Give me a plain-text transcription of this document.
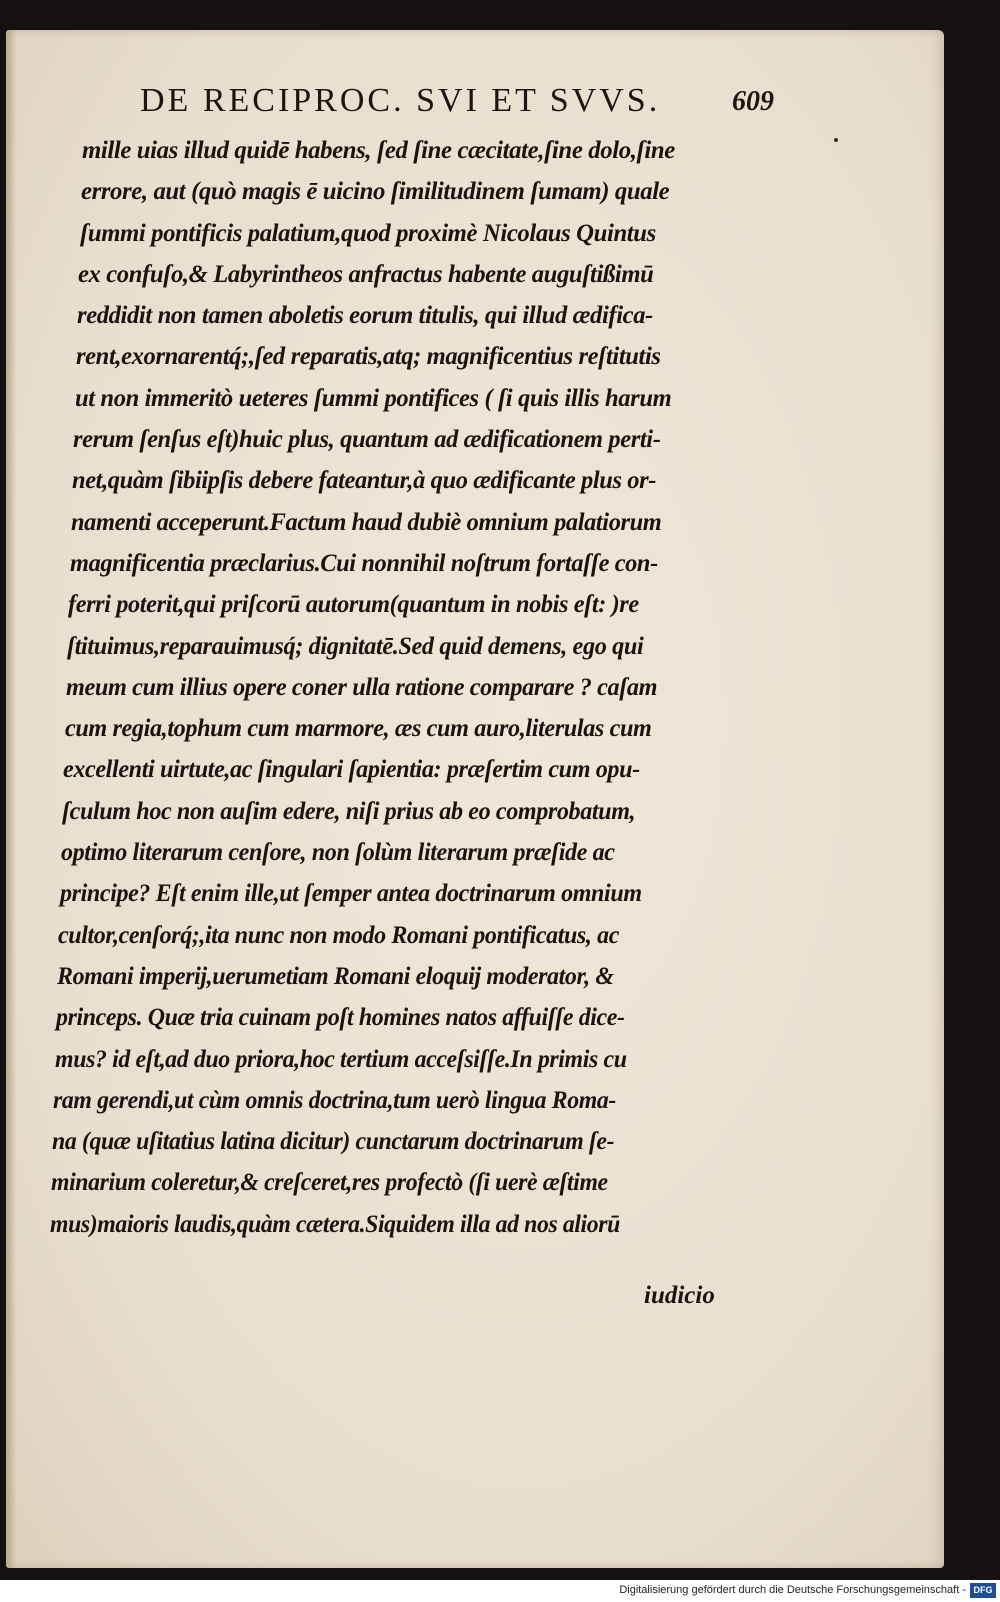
DE RECIPROC. SVI ET SVVS.	609
mille uias illud quidē habens, ſed ſine cæcitate,ſine dolo,ſine
errore, aut (quò magis ē uicino ſimilitudinem ſumam) quale
ſummi pontificis palatium,quod proximè Nicolaus Quintus
ex confuſo,& Labyrintheos anfractus habente auguſtißimū
reddidit non tamen aboletis eorum titulis, qui illud ædifica-
rent,exornarentq́;,ſed reparatis,atq; magnificentius reſtitutis
ut non immeritò ueteres ſummi pontifices ( ſi quis illis harum
rerum ſenſus eſt)huic plus, quantum ad ædificationem perti-
net,quàm ſibiipſis debere fateantur,à quo ædificante plus or-
namenti acceperunt.Factum haud dubiè omnium palatiorum
magnificentia præclarius.Cui nonnihil noſtrum fortaſſe con-
ferri poterit,qui priſcorū autorum(quantum in nobis eſt: )re
ſtituimus,reparauimusq́; dignitatē.Sed quid demens, ego qui
meum cum illius opere coner ulla ratione comparare ? caſam
cum regia,tophum cum marmore, æs cum auro,literulas cum
excellenti uirtute,ac ſingulari ſapientia: præſertim cum opu-
ſculum hoc non auſim edere, niſi prius ab eo comprobatum,
optimo literarum cenſore, non ſolùm literarum præſide ac
principe? Eſt enim ille,ut ſemper antea doctrinarum omnium
cultor,cenſorq́;,ita nunc non modo Romani pontificatus, ac
Romani imperij,uerumetiam Romani eloquij moderator, &
princeps. Quæ tria cuinam poſt homines natos affuiſſe dice-
mus? id eſt,ad duo priora,hoc tertium acceſsiſſe.In primis cu
ram gerendi,ut cùm omnis doctrina,tum uerò lingua Roma-
na (quæ uſitatius latina dicitur) cunctarum doctrinarum ſe-
minarium coleretur,& creſceret,res profectò (ſi uerè æſtime
mus)maioris laudis,quàm cætera.Siquidem illa ad nos aliorū
iudicio
Digitalisierung gefördert durch die Deutsche Forschungsgemeinschaft - DFG
